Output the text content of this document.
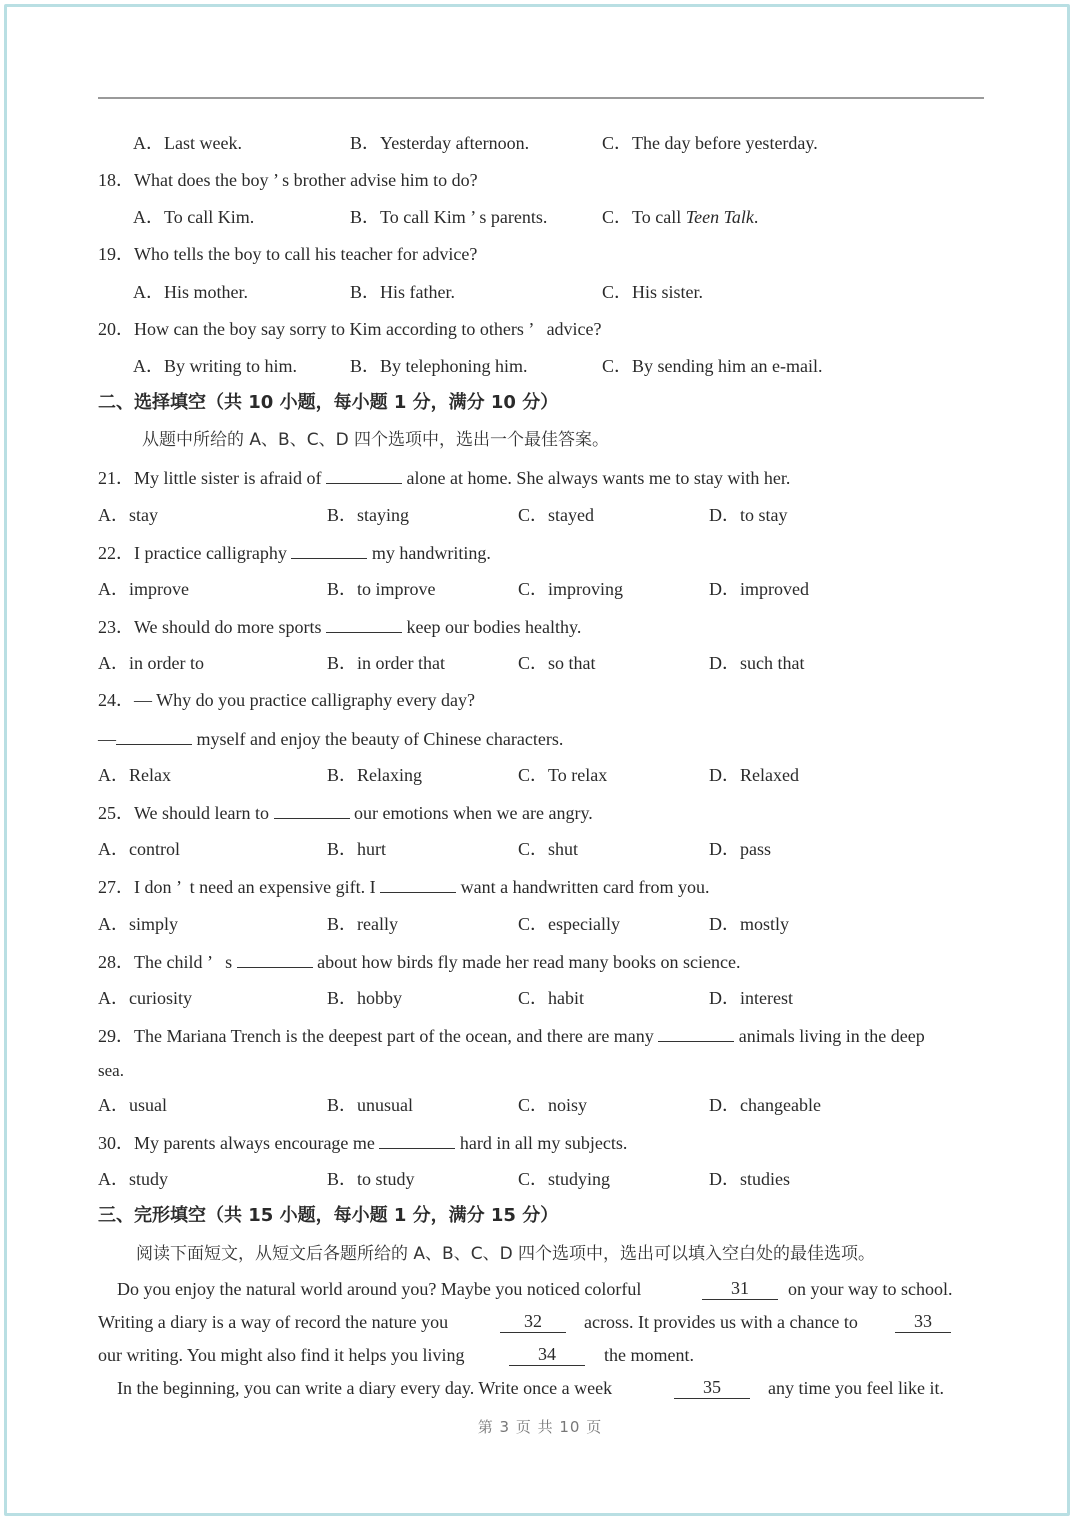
A．Last week.	B．Yesterday afternoon.	C．The day before yesterday.
18．What does the boy ’ s brother advise him to do?
A．To call Kim.	B．To call Kim ’ s parents.	C．To call Teen Talk.
19．Who tells the boy to call his teacher for advice?
A．His mother.	B．His father.	C．His sister.
20．How can the boy say sorry to Kim according to others ’   advice?
A．By writing to him.	B．By telephoning him.	C．By sending him an e-mail.
二、选择填空（共 10 小题，每小题 1 分，满分 10 分）
从题中所给的 A、B、C、D 四个选项中，选出一个最佳答案。
21．My little sister is afraid of	alone at home. She always wants me to stay with her.
A．stay	B．staying	C．stayed	D．to stay
22．I practice calligraphy	my handwriting.
A．improve	B．to improve	C．improving	D．improved
23．We should do more sports	keep our bodies healthy.
A．in order to	B．in order that	C．so that	D．such that
24．— Why do you practice calligraphy every day?
—	myself and enjoy the beauty of Chinese characters.
A．Relax	B．Relaxing	C．To relax	D．Relaxed
25．We should learn to	our emotions when we are angry.
A．control	B．hurt	C．shut	D．pass
27．I don ’  t need an expensive gift. I	want a handwritten card from you.
A．simply	B．really	C．especially	D．mostly
28．The child ’   s	about how birds fly made her read many books on science.
A．curiosity	B．hobby	C．habit	D．interest
29．The Mariana Trench is the deepest part of the ocean, and there are many	animals living in the deep
sea.
A．usual	B．unusual	C．noisy	D．changeable
30．My parents always encourage me	hard in all my subjects.
A．study	B．to study	C．studying	D．studies
三、完形填空（共 15 小题，每小题 1 分，满分 15 分）
阅读下面短文，从短文后各题所给的 A、B、C、D 四个选项中，选出可以填入空白处的最佳选项。
Do you enjoy the natural world around you? Maybe you noticed colorful	31	on your way to school.
Writing a diary is a way of record the nature you	32	across. It provides us with a chance to	33
our writing. You might also find it helps you living	34	the moment.
In the beginning, you can write a diary every day. Write once a week	35	any time you feel like it.
第 3 页 共 10 页
